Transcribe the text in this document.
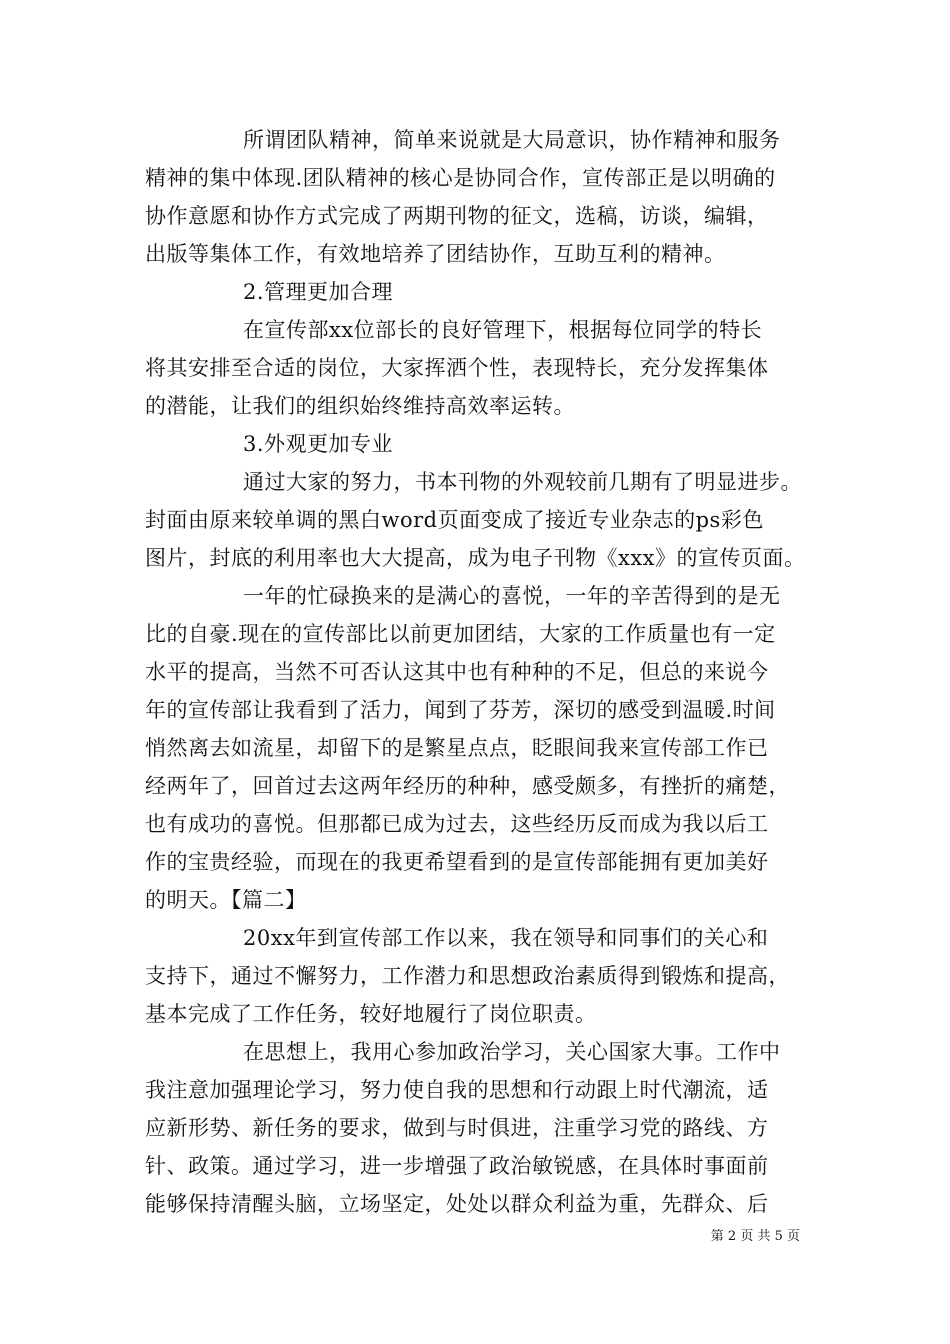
所谓团队精神，简单来说就是大局意识，协作精神和服务
精神的集中体现.团队精神的核心是协同合作，宣传部正是以明确的
协作意愿和协作方式完成了两期刊物的征文，选稿，访谈，编辑，
出版等集体工作，有效地培养了团结协作，互助互利的精神。
2.管理更加合理
在宣传部xx位部长的良好管理下，根据每位同学的特长
将其安排至合适的岗位，大家挥洒个性，表现特长，充分发挥集体
的潜能，让我们的组织始终维持高效率运转。
3.外观更加专业
通过大家的努力，书本刊物的外观较前几期有了明显进步。
封面由原来较单调的黑白word页面变成了接近专业杂志的ps彩色
图片，封底的利用率也大大提高，成为电子刊物《xxx》的宣传页面。
一年的忙碌换来的是满心的喜悦，一年的辛苦得到的是无
比的自豪.现在的宣传部比以前更加团结，大家的工作质量也有一定
水平的提高，当然不可否认这其中也有种种的不足，但总的来说今
年的宣传部让我看到了活力，闻到了芬芳，深切的感受到温暖.时间
悄然离去如流星，却留下的是繁星点点，眨眼间我来宣传部工作已
经两年了，回首过去这两年经历的种种，感受颇多，有挫折的痛楚，
也有成功的喜悦。但那都已成为过去，这些经历反而成为我以后工
作的宝贵经验，而现在的我更希望看到的是宣传部能拥有更加美好
的明天。【篇二】
20xx年到宣传部工作以来，我在领导和同事们的关心和
支持下，通过不懈努力，工作潜力和思想政治素质得到锻炼和提高，
基本完成了工作任务，较好地履行了岗位职责。
在思想上，我用心参加政治学习，关心国家大事。工作中
我注意加强理论学习，努力使自我的思想和行动跟上时代潮流，适
应新形势、新任务的要求，做到与时俱进，注重学习党的路线、方
针、政策。通过学习，进一步增强了政治敏锐感，在具体时事面前
能够保持清醒头脑，立场坚定，处处以群众利益为重，先群众、后
第 2 页 共 5 页
